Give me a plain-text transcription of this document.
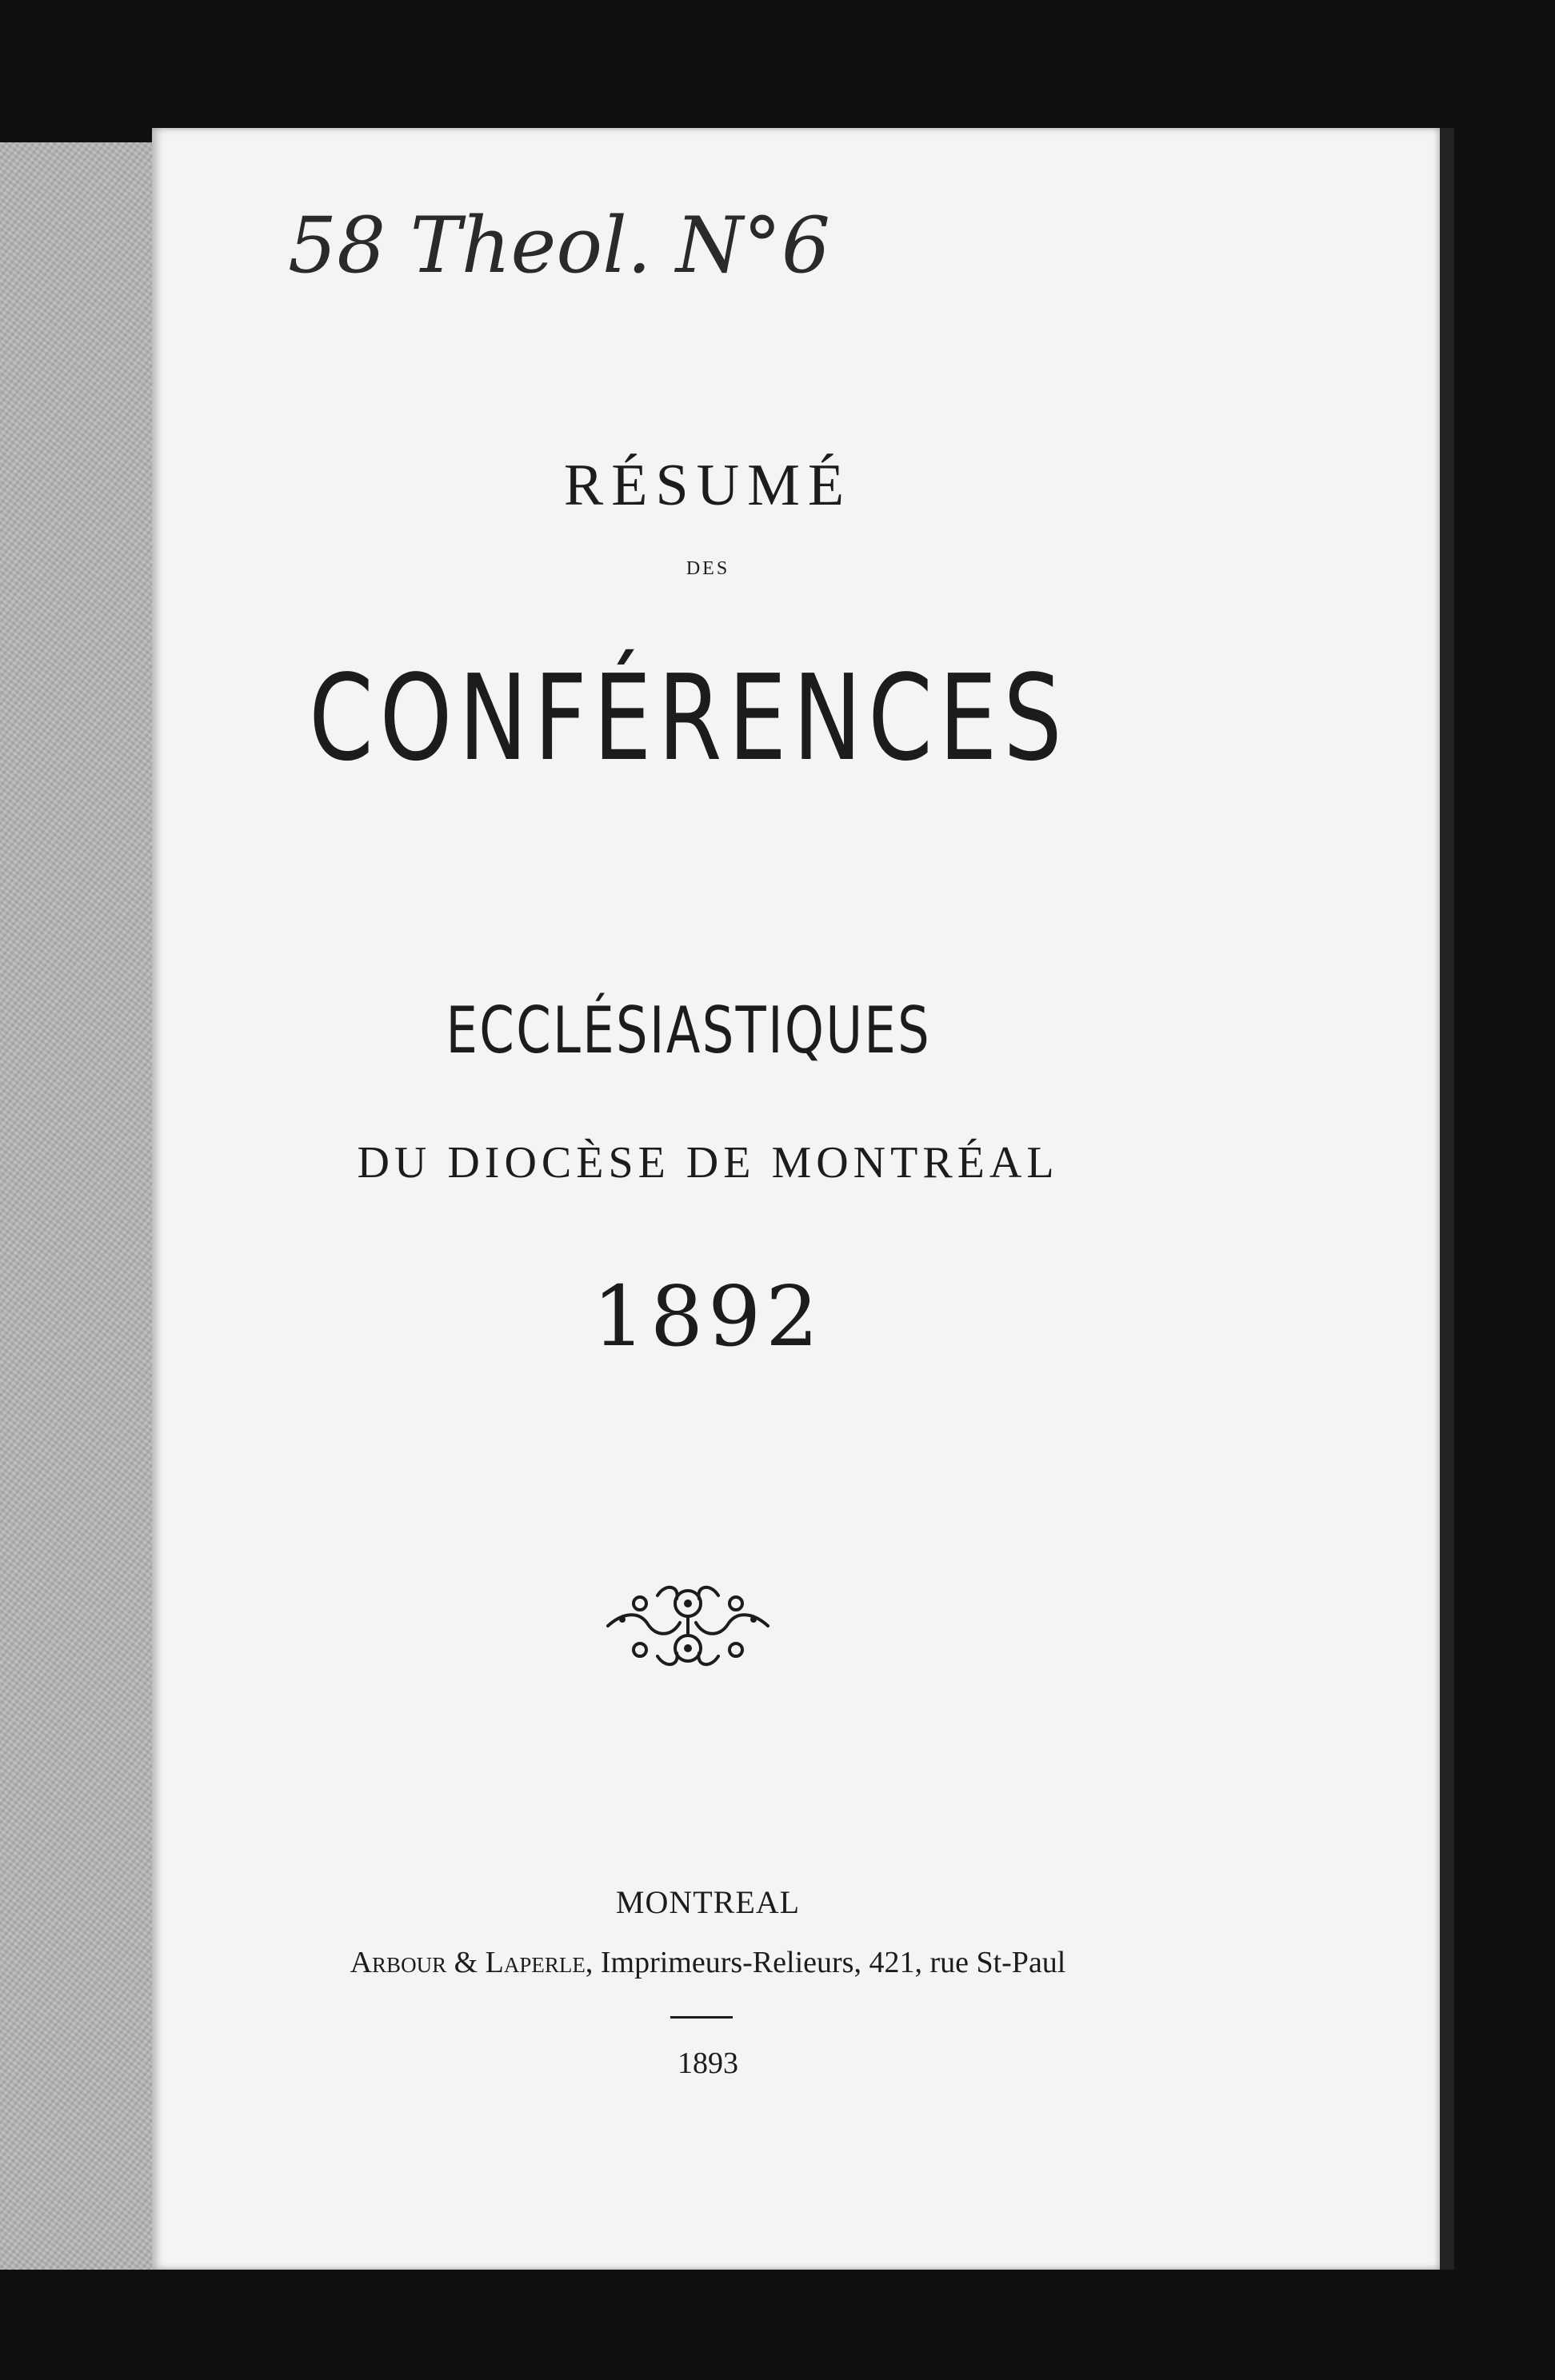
58 Theol. N°6
RÉSUMÉ
DES
CONFÉRENCES
ECCLÉSIASTIQUES
DU DIOCÈSE DE MONTRÉAL
1892
MONTREAL
Arbour & Laperle, Imprimeurs-Relieurs, 421, rue St-Paul
1893
